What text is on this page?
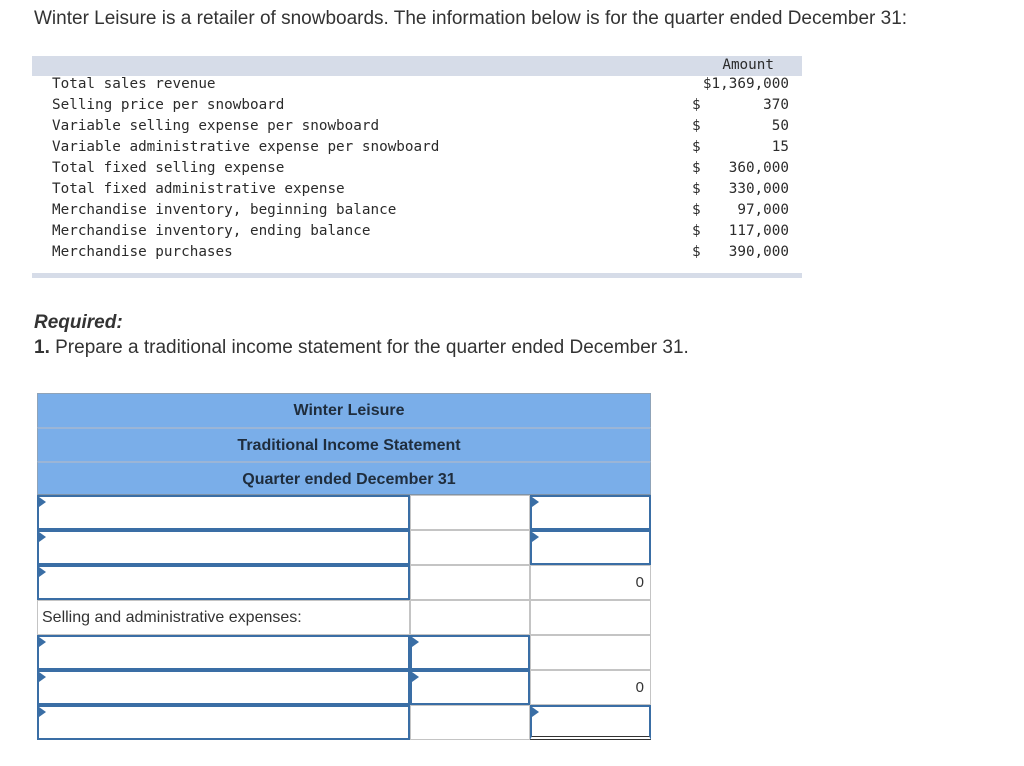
Winter Leisure is a retailer of snowboards. The information below is for the quarter ended December 31:
Amount
Total sales revenue	$1,369,000
Selling price per snowboard	$	370
Variable selling expense per snowboard	$	50
Variable administrative expense per snowboard	$	15
Total fixed selling expense	$	360,000
Total fixed administrative expense	$	330,000
Merchandise inventory, beginning balance	$	97,000
Merchandise inventory, ending balance	$	117,000
Merchandise purchases	$	390,000
Required:
1. Prepare a traditional income statement for the quarter ended December 31.
Winter Leisure
Traditional Income Statement
Quarter ended December 31
0
Selling and administrative expenses:
0
